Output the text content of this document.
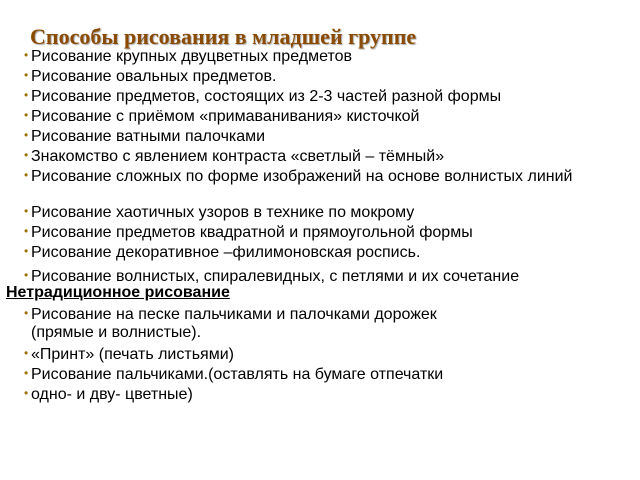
Способы рисования в младшей группе
• Рисование крупных двуцветных предметов
• Рисование овальных предметов.
• Рисование предметов, состоящих из 2-3 частей разной формы
• Рисование с приёмом «примаванивания» кисточкой
• Рисование ватными палочками
• Знакомство с явлением контраста «светлый – тёмный»
• Рисование сложных по форме изображений на основе волнистых линий
• Рисование хаотичных узоров в технике по мокрому
• Рисование предметов квадратной и прямоугольной формы
• Рисование декоративное –филимоновская роспись.
• Рисование волнистых, спиралевидных, с петлями и их сочетание
Нетрадиционное рисование
• Рисование на песке пальчиками и палочками дорожек
(прямые и волнистые).
• «Принт» (печать листьями)
• Рисование пальчиками.(оставлять на бумаге отпечатки
• одно- и дву- цветные)
